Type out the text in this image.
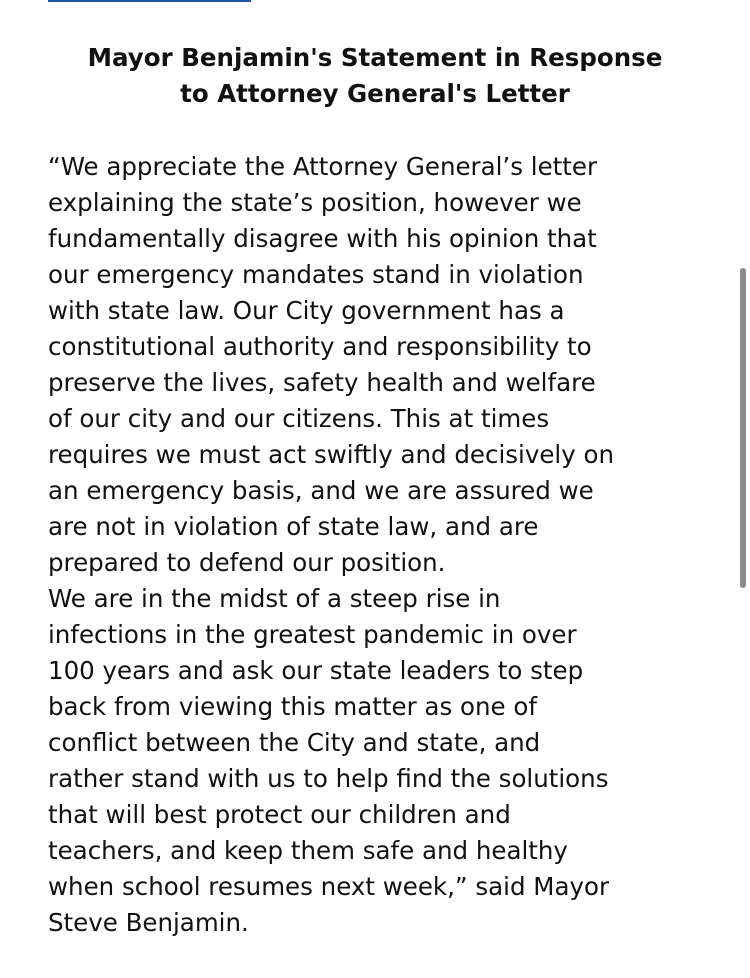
Mayor Benjamin's Statement in Response
to Attorney General's Letter
“We appreciate the Attorney General’s letter
explaining the state’s position, however we
fundamentally disagree with his opinion that
our emergency mandates stand in violation
with state law. Our City government has a
constitutional authority and responsibility to
preserve the lives, safety health and welfare
of our city and our citizens. This at times
requires we must act swiftly and decisively on
an emergency basis, and we are assured we
are not in violation of state law, and are
prepared to defend our position.
We are in the midst of a steep rise in
infections in the greatest pandemic in over
100 years and ask our state leaders to step
back from viewing this matter as one of
conflict between the City and state, and
rather stand with us to help find the solutions
that will best protect our children and
teachers, and keep them safe and healthy
when school resumes next week,” said Mayor
Steve Benjamin.
